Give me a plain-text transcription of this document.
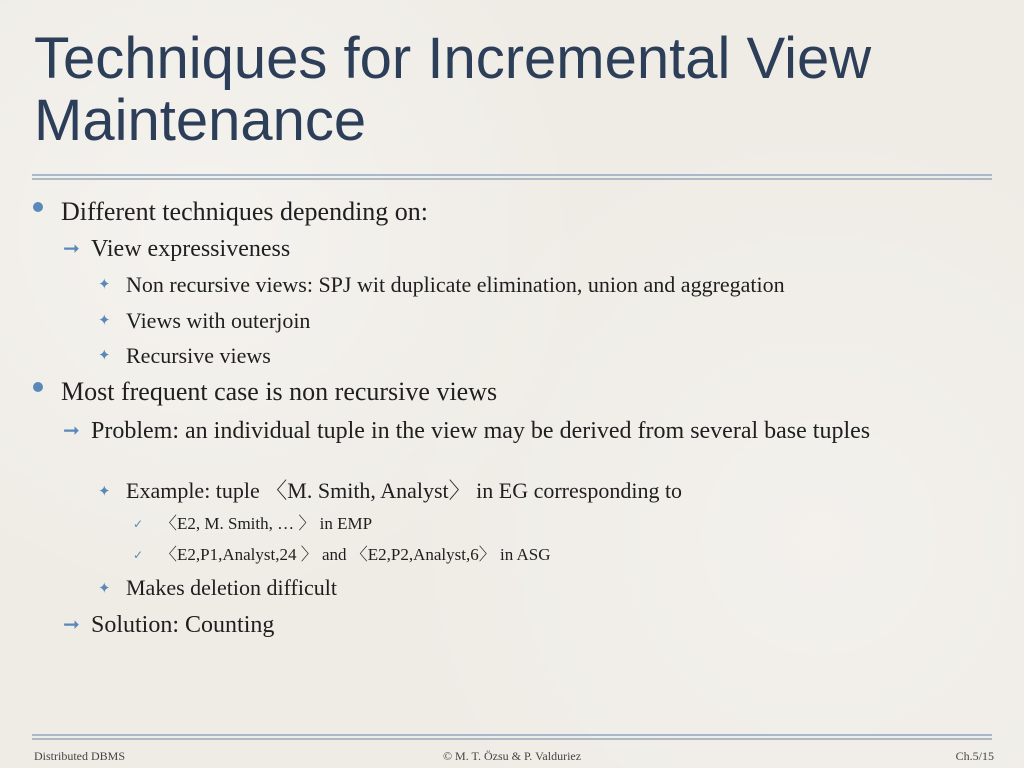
Techniques for Incremental View Maintenance
Different techniques depending on:
➞ View expressiveness
✦ Non recursive views: SPJ wit duplicate elimination, union and aggregation
✦ Views with outerjoin
✦ Recursive views
Most frequent case is non recursive views
➞ Problem: an individual tuple in the view may be derived from several base tuples
✦ Example: tuple 〈M. Smith, Analyst〉 in EG corresponding to
✓ 〈E2, M. Smith, … 〉 in EMP
✓ 〈E2,P1,Analyst,24 〉 and 〈E2,P2,Analyst,6〉 in ASG
✦ Makes deletion difficult
➞ Solution: Counting
Distributed DBMS	© M. T. Özsu & P. Valduriez	Ch.5/15
